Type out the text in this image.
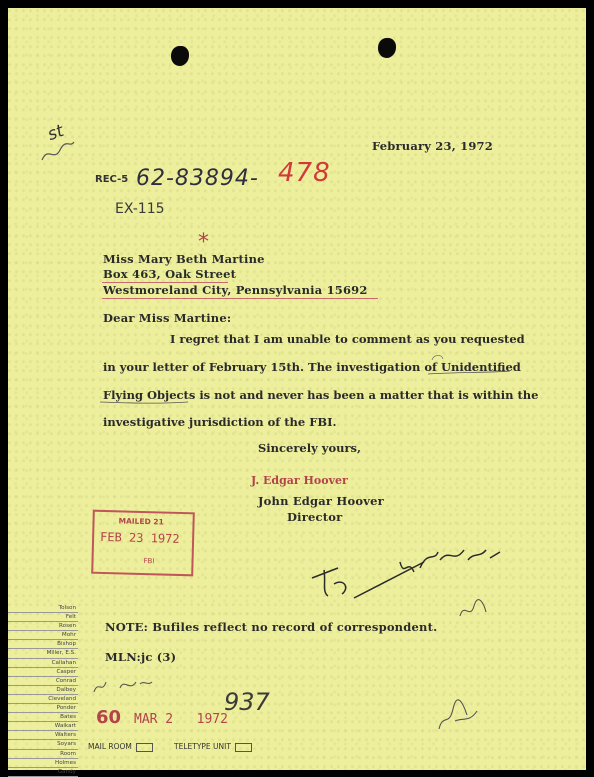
st
February 23, 1972
REC-5 62-83894- 478
EX-115
*
Miss Mary Beth Martine
Box 463, Oak Street
Westmoreland City, Pennsylvania 15692
Dear Miss Martine:
I regret that I am unable to comment as you requested
in your letter of February 15th. The investigation of Unidentified
Flying Objects is not and never has been a matter that is within the
investigative jurisdiction of the FBI.
Sincerely yours,
J. Edgar Hoover
John Edgar Hoover
Director
MAILED 21
FEB 23 1972
FBI
NOTE: Bufiles reflect no record of correspondent.
MLN:jc (3)
Tolson
Felt
Rosen
Mohr
Bishop
Miller, E.S.
Callahan
Casper
Conrad
Dalbey
Cleveland
Ponder
Bates
Waikart
Walters
Soyars
Room
Holmes
Gandy
60 MAR 2   1972
937
MAIL ROOM	TELETYPE UNIT
